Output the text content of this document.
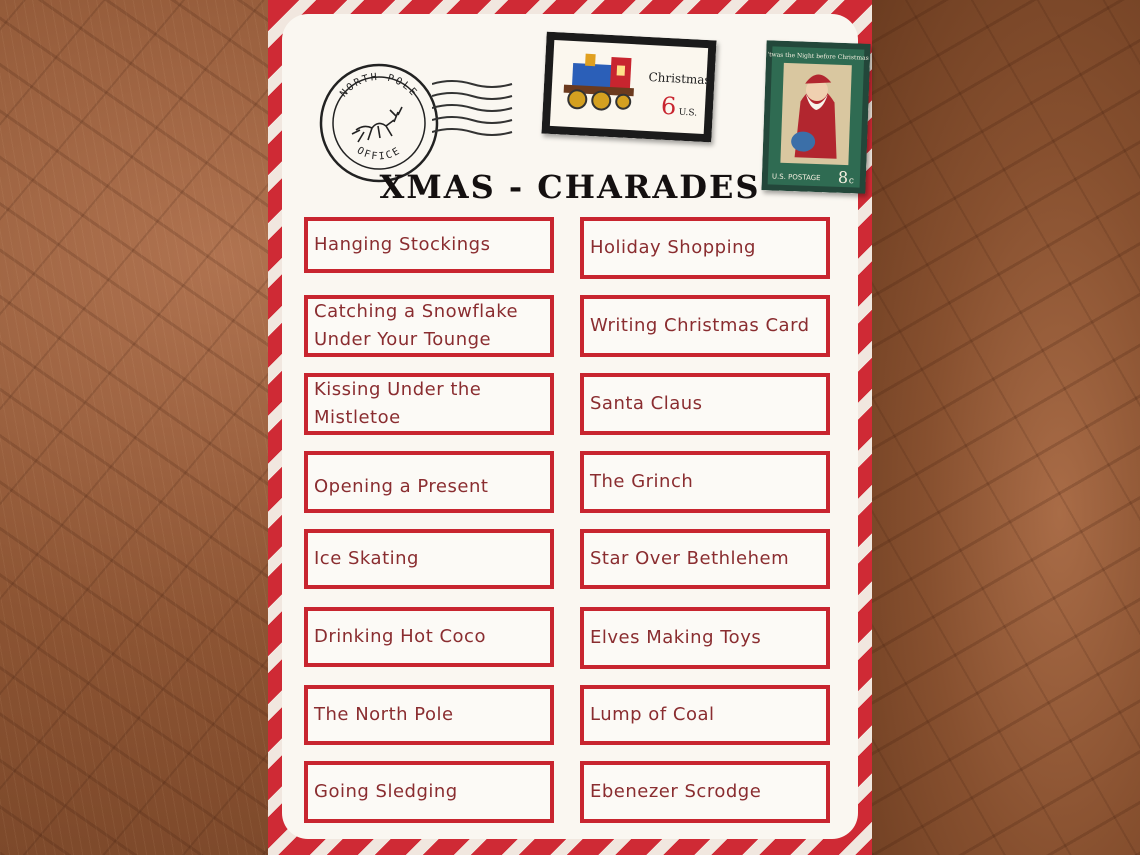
NORTH POLE
OFFICE
Christmas
6 U.S.
'twas the Night before Christmas
U.S. POSTAGE 8 c
XMAS - CHARADES
Hanging Stockings
Catching a Snowflake Under Your Tounge
Kissing Under the Mistletoe
Opening a Present
Ice Skating
Drinking Hot Coco
The North Pole
Going Sledging
Holiday Shopping
Writing Christmas Card
Santa Claus
The Grinch
Star Over Bethlehem
Elves Making Toys
Lump of Coal
Ebenezer Scrodge
